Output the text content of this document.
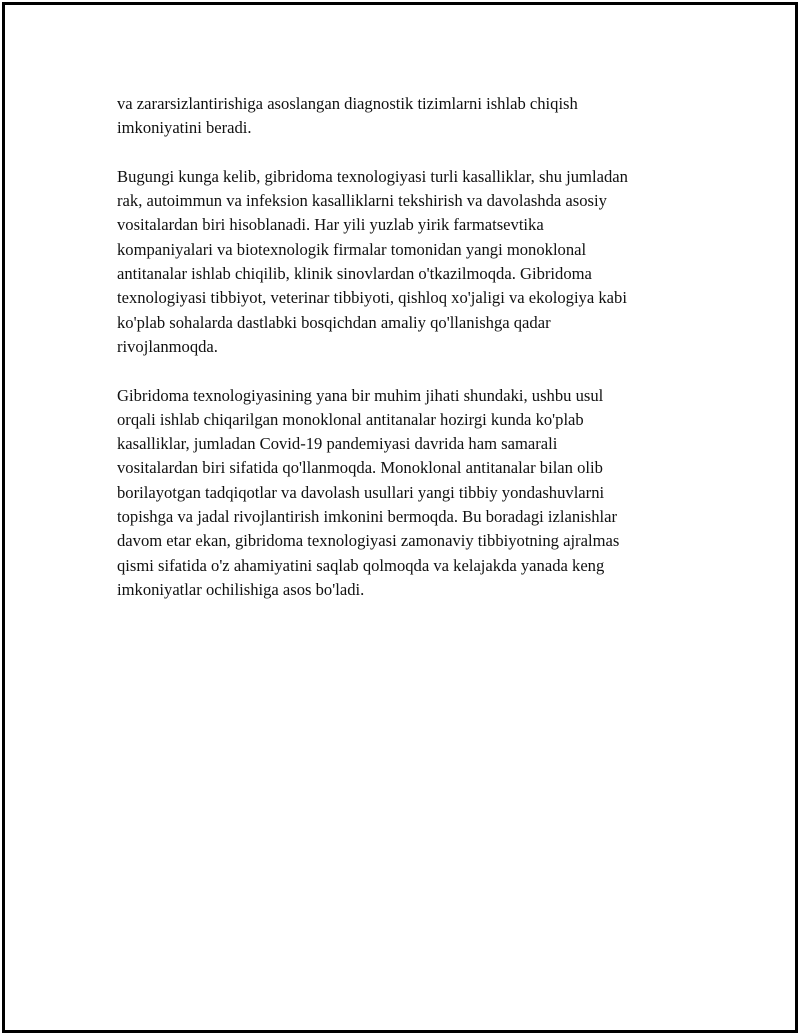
va zararsizlantirishiga asoslangan diagnostik tizimlarni ishlab chiqish
imkoniyatini beradi.

Bugungi kunga kelib, gibridoma texnologiyasi turli kasalliklar, shu jumladan
rak, autoimmun va infeksion kasalliklarni tekshirish va davolashda asosiy
vositalardan biri hisoblanadi. Har yili yuzlab yirik farmatsevtika
kompaniyalari va biotexnologik firmalar tomonidan yangi monoklonal
antitanalar ishlab chiqilib, klinik sinovlardan o'tkazilmoqda. Gibridoma
texnologiyasi tibbiyot, veterinar tibbiyoti, qishloq xo'jaligi va ekologiya kabi
ko'plab sohalarda dastlabki bosqichdan amaliy qo'llanishga qadar
rivojlanmoqda.

Gibridoma texnologiyasining yana bir muhim jihati shundaki, ushbu usul
orqali ishlab chiqarilgan monoklonal antitanalar hozirgi kunda ko'plab
kasalliklar, jumladan Covid-19 pandemiyasi davrida ham samarali
vositalardan biri sifatida qo'llanmoqda. Monoklonal antitanalar bilan olib
borilayotgan tadqiqotlar va davolash usullari yangi tibbiy yondashuvlarni
topishga va jadal rivojlantirish imkonini bermoqda. Bu boradagi izlanishlar
davom etar ekan, gibridoma texnologiyasi zamonaviy tibbiyotning ajralmas
qismi sifatida o'z ahamiyatini saqlab qolmoqda va kelajakda yanada keng
imkoniyatlar ochilishiga asos bo'ladi.
